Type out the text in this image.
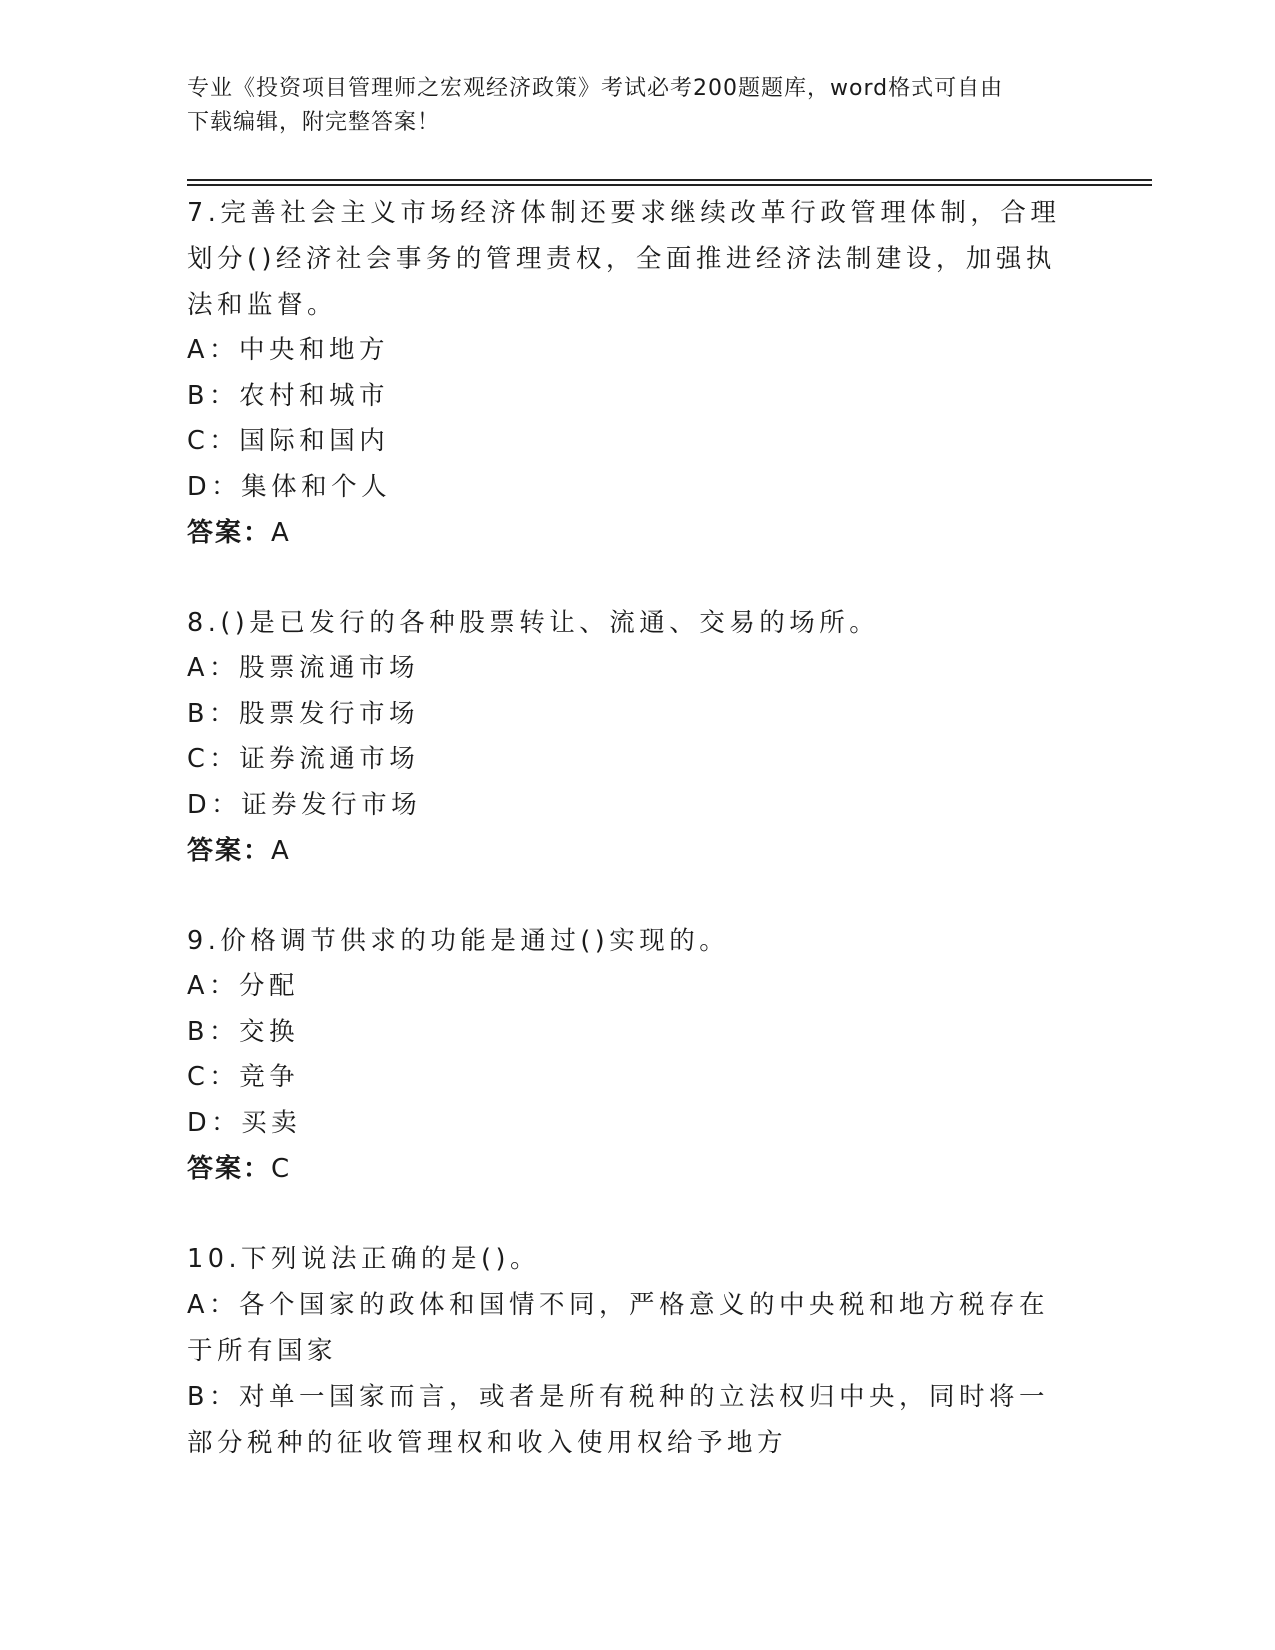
专业《投资项目管理师之宏观经济政策》考试必考200题题库，word格式可自由
下载编辑，附完整答案！
7.完善社会主义市场经济体制还要求继续改革行政管理体制，合理划分()经济社会事务的管理责权，全面推进经济法制建设，加强执法和监督。
A：中央和地方
B：农村和城市
C：国际和国内
D：集体和个人
答案：A
8.()是已发行的各种股票转让、流通、交易的场所。
A：股票流通市场
B：股票发行市场
C：证券流通市场
D：证券发行市场
答案：A
9.价格调节供求的功能是通过()实现的。
A：分配
B：交换
C：竞争
D：买卖
答案：C
10.下列说法正确的是()。
A：各个国家的政体和国情不同，严格意义的中央税和地方税存在于所有国家
B：对单一国家而言，或者是所有税种的立法权归中央，同时将一部分税种的征收管理权和收入使用权给予地方
